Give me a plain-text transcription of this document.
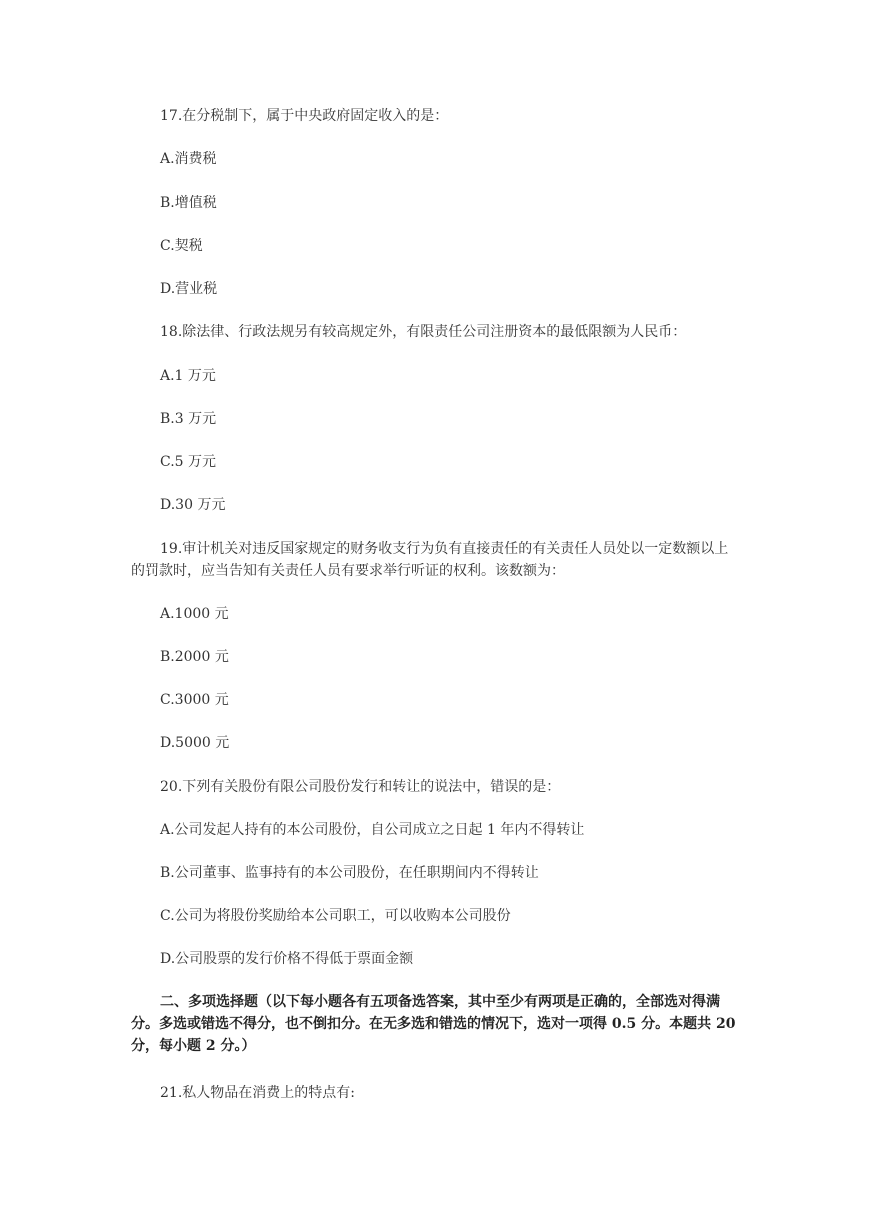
17.在分税制下，属于中央政府固定收入的是：
A.消费税
B.增值税
C.契税
D.营业税
18.除法律、行政法规另有较高规定外，有限责任公司注册资本的最低限额为人民币：
A.1 万元
B.3 万元
C.5 万元
D.30 万元
19.审计机关对违反国家规定的财务收支行为负有直接责任的有关责任人员处以一定数额以上的罚款时，应当告知有关责任人员有要求举行听证的权利。该数额为：
A.1000 元
B.2000 元
C.3000 元
D.5000 元
20.下列有关股份有限公司股份发行和转让的说法中，错误的是：
A.公司发起人持有的本公司股份，自公司成立之日起 1 年内不得转让
B.公司董事、监事持有的本公司股份，在任职期间内不得转让
C.公司为将股份奖励给本公司职工，可以收购本公司股份
D.公司股票的发行价格不得低于票面金额
二、多项选择题（以下每小题各有五项备选答案，其中至少有两项是正确的，全部选对得满分。多选或错选不得分，也不倒扣分。在无多选和错选的情况下，选对一项得 0.5 分。本题共 20 分，每小题 2 分。）
21.私人物品在消费上的特点有:
